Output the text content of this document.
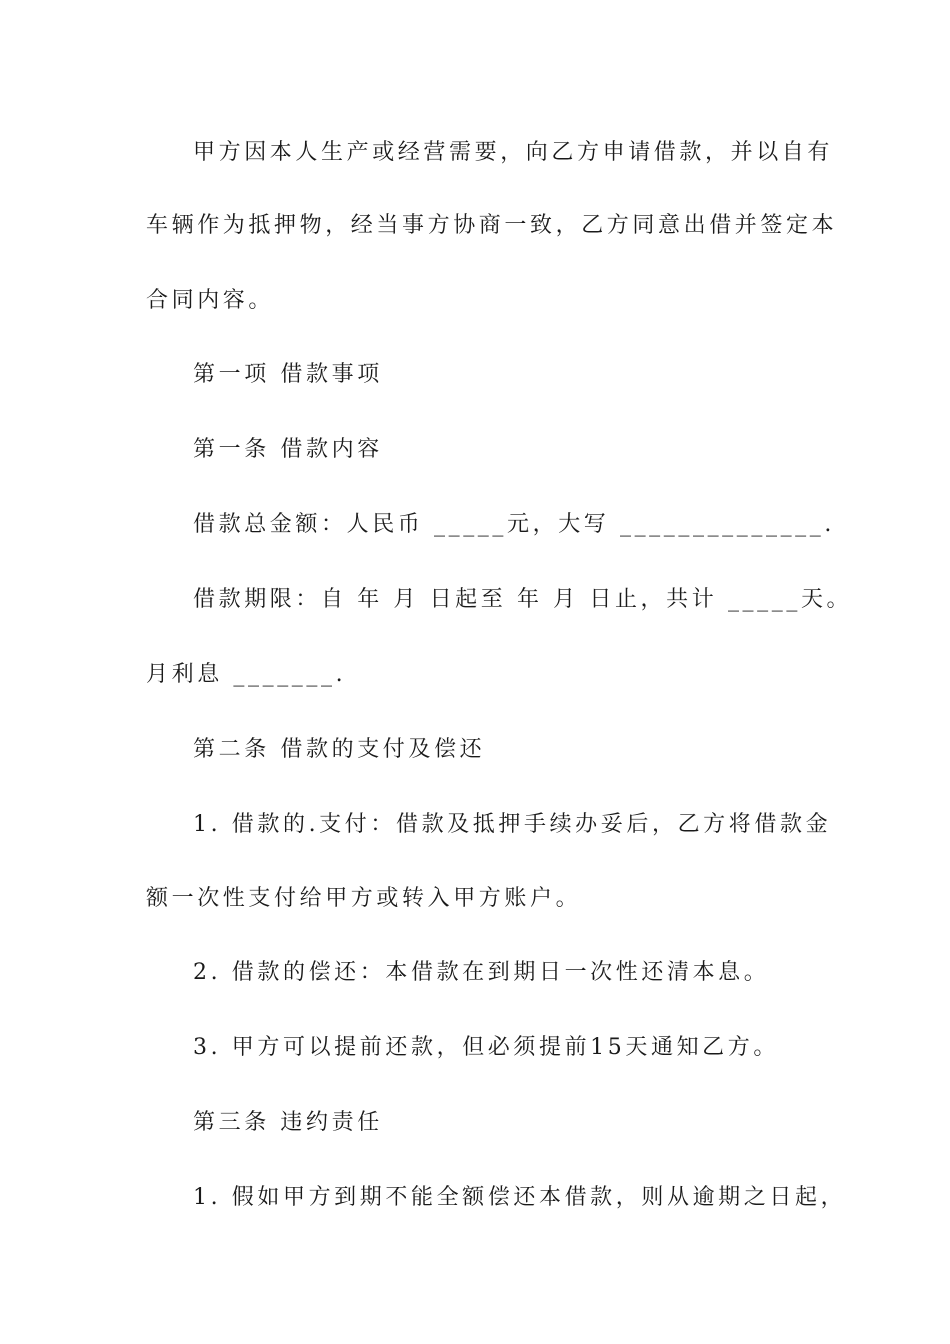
甲方因本人生产或经营需要，向乙方申请借款，并以自有
车辆作为抵押物，经当事方协商一致，乙方同意出借并签定本
合同内容。
第一项 借款事项
第一条 借款内容
借款总金额：人民币 _____元，大写 ______________.
借款期限：自 年 月 日起至 年 月 日止，共计 _____天。
月利息 _______.
第二条 借款的支付及偿还
1. 借款的.支付：借款及抵押手续办妥后，乙方将借款金
额一次性支付给甲方或转入甲方账户。
2. 借款的偿还：本借款在到期日一次性还清本息。
3. 甲方可以提前还款，但必须提前15天通知乙方。
第三条 违约责任
1. 假如甲方到期不能全额偿还本借款，则从逾期之日起，
